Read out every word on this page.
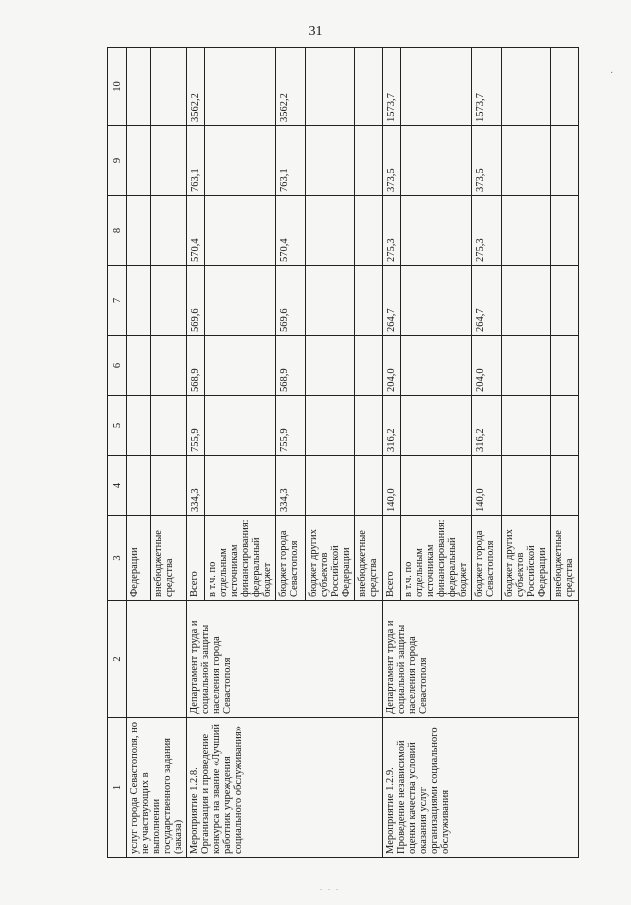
31
·
1	2	3	4	5	6	7	8	9	10
услуг города Севастополя, но не участвующих в выполнении государственного задания (заказа)		Федерации							
		внебюджетные средства							
Мероприятие 1.2.8. Организация и проведение конкурса на звание «Лучший работник учреждения социального обслуживания»	Департамент труда и социальной защиты населения города Севастополя	Всего	334,3	755,9	568,9	569,6	570,4	763,1	3562,2
		в т.ч. по отдельным источникам финансирования: федеральный бюджет							
		бюджет города Севастополя	334,3	755,9	568,9	569,6	570,4	763,1	3562,2
		бюджет других субъектов Российской Федерации							
		внебюджетные средства							
Мероприятие 1.2.9. Проведение независимой оценки качества условий оказания услуг организациями социального обслуживания	Департамент труда и социальной защиты населения города Севастополя	Всего	140,0	316,2	204,0	264,7	275,3	373,5	1573,7
		в т.ч. по отдельным источникам финансирования: федеральный бюджет							
		бюджет города Севастополя	140,0	316,2	204,0	264,7	275,3	373,5	1573,7
		бюджет других субъектов Российской Федерации							
		внебюджетные средства							
. . .
